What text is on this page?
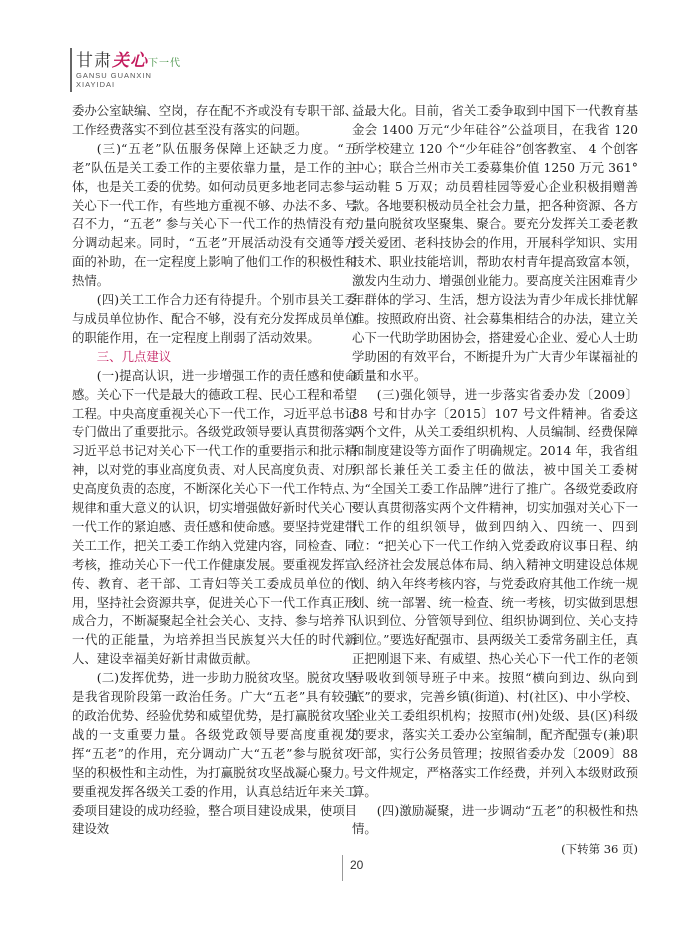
甘肃关心下一代
GANSU GUANXIN
XIAYIDAI

委办公室缺编、空岗，存在配不齐或没有专职干部、工作经费落实不到位甚至没有落实的问题。

(三)“五老”队伍服务保障上还缺乏力度。“五老”队伍是关工委工作的主要依靠力量，是工作的主体，也是关工委的优势。如何动员更多地老同志参与关心下一代工作，有些地方重视不够、办法不多、号召不力，“五老” 参与关心下一代工作的热情没有充分调动起来。同时，“五老”开展活动没有交通等方面的补助，在一定程度上影响了他们工作的积极性和热情。

(四)关工工作合力还有待提升。个别市县关工委与成员单位协作、配合不够，没有充分发挥成员单位的职能作用，在一定程度上削弱了活动效果。

三、几点建议

(一)提高认识，进一步增强工作的责任感和使命感。关心下一代是最大的德政工程、民心工程和希望工程。中央高度重视关心下一代工作，习近平总书记专门做出了重要批示。各级党政领导要认真贯彻落实习近平总书记对关心下一代工作的重要指示和批示精神，以对党的事业高度负责、对人民高度负责、对历史高度负责的态度，不断深化关心下一代工作特点、规律和重大意义的认识，切实增强做好新时代关心下一代工作的紧迫感、责任感和使命感。要坚持党建带关工工作，把关工委工作纳入党建内容，同检查、同考核，推动关心下一代工作健康发展。要重视发挥宣传、教育、老干部、工青妇等关工委成员单位的作用，坚持社会资源共享，促进关心下一代工作真正形成合力，不断凝聚起全社会关心、支持、参与培养下一代的正能量，为培养担当民族复兴大任的时代新人、建设幸福美好新甘肃做贡献。

(二)发挥优势，进一步助力脱贫攻坚。脱贫攻坚是我省现阶段第一政治任务。广大“五老”具有较强的政治优势、经验优势和威望优势，是打赢脱贫攻坚战的一支重要力量。各级党政领导要高度重视发挥“五老”的作用，充分调动广大“五老”参与脱贫攻坚的积极性和主动性，为打赢脱贫攻坚战凝心聚力。要重视发挥各级关工委的作用，认真总结近年来关工委项目建设的成功经验，整合项目建设成果，使项目建设效

益最大化。目前，省关工委争取到中国下一代教育基金会 1400 万元“少年硅谷”公益项目，在我省 120 所学校建立 120 个“少年硅谷”创客教室、 4 个创客中心；联合兰州市关工委募集价值 1250 万元 361° 运动鞋 5 万双；动员碧桂园等爱心企业积极捐赠善款。各地要积极动员全社会力量，把各种资源、各方力量向脱贫攻坚聚集、聚合。要充分发挥关工委老教授关爱团、老科技协会的作用，开展科学知识、实用技术、职业技能培训，帮助农村青年提高致富本领，激发内生动力、增强创业能力。要高度关注困难青少年群体的学习、生活，想方设法为青少年成长排忧解难。按照政府出资、社会募集相结合的办法，建立关心下一代助学助困协会，搭建爱心企业、爱心人士助学助困的有效平台，不断提升为广大青少年谋福祉的质量和水平。

(三)强化领导，进一步落实省委办发〔2009〕88 号和甘办字〔2015〕107 号文件精神。省委这两个文件，从关工委组织机构、人员编制、经费保障和制度建设等方面作了明确规定。2014 年，我省组织部长兼任关工委主任的做法，被中国关工委树为“全国关工委工作品牌”进行了推广。各级党委政府要认真贯彻落实两个文件精神，切实加强对关心下一代工作的组织领导，做到四纳入、四统一、四到位：“把关心下一代工作纳入党委政府议事日程、纳入经济社会发展总体布局、纳入精神文明建设总体规划、纳入年终考核内容，与党委政府其他工作统一规划、统一部署、统一检查、统一考核，切实做到思想认识到位、分管领导到位、组织协调到位、关心支持到位。”要选好配强市、县两级关工委常务副主任，真正把刚退下来、有威望、热心关心下一代工作的老领导吸收到领导班子中来。按照“横向到边、纵向到底”的要求，完善乡镇(街道)、村(社区)、中小学校、企业关工委组织机构；按照市(州)处级、县(区)科级的要求，落实关工委办公室编制，配齐配强专(兼)职干部，实行公务员管理；按照省委办发〔2009〕88 号文件规定，严格落实工作经费，并列入本级财政预算。

(四)激励凝聚，进一步调动“五老”的积极性和热情。

(下转第 36 页)

20
